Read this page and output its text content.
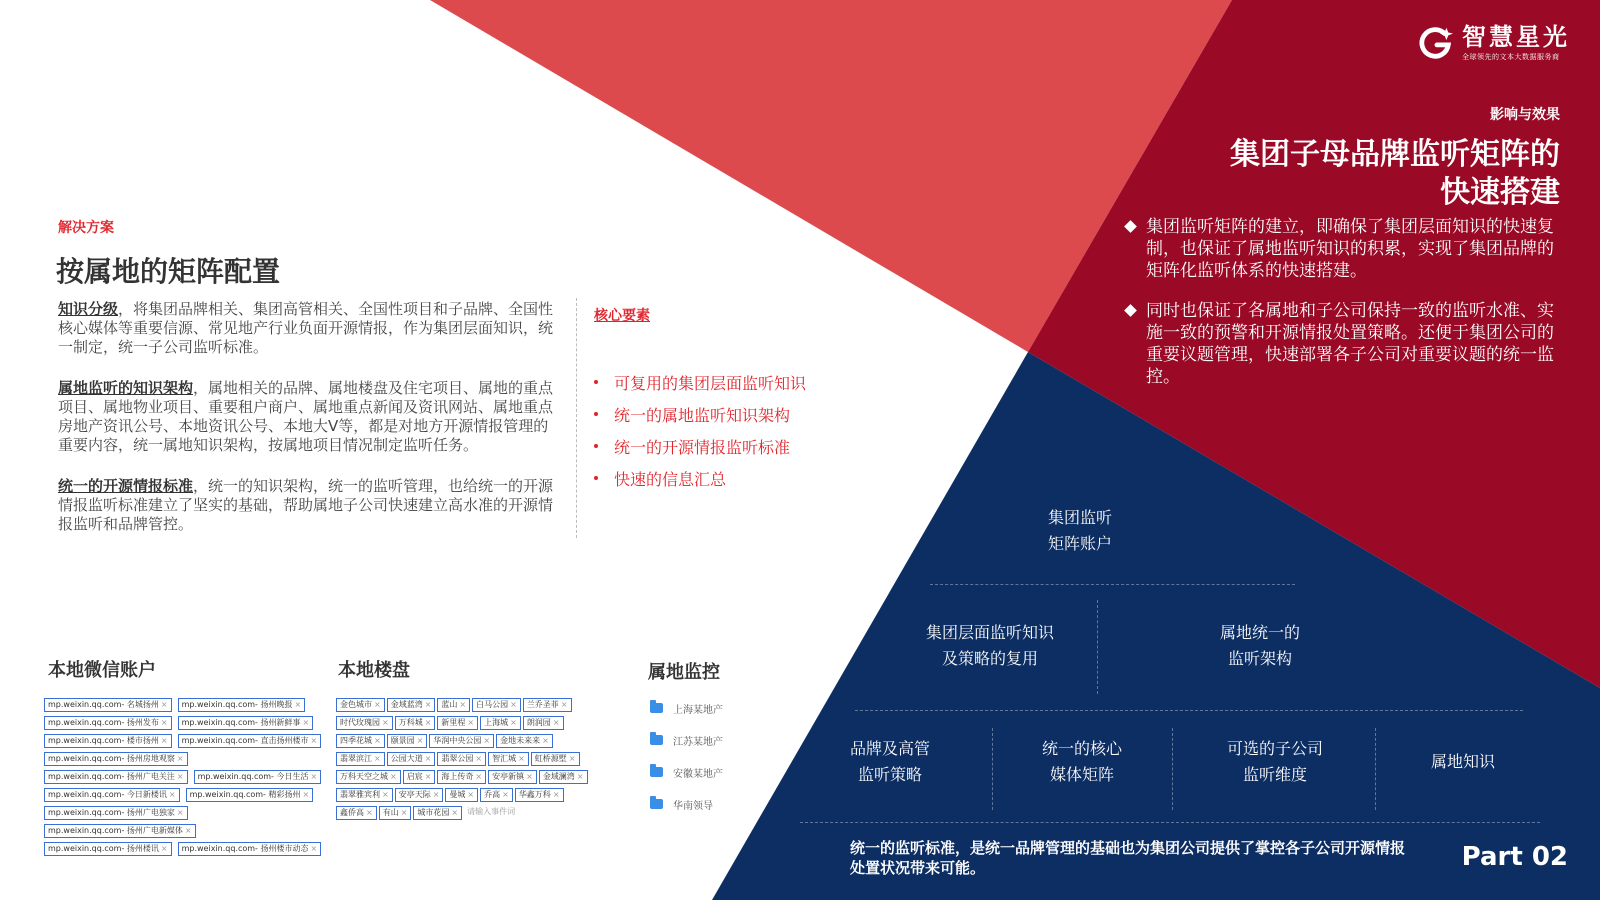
智慧星光
全球领先的文本大数据服务商
影响与效果
集团子母品牌监听矩阵的
快速搭建
集团监听矩阵的建立，即确保了集团层面知识的快速复制，也保证了属地监听知识的积累，实现了集团品牌的矩阵化监听体系的快速搭建。
同时也保证了各属地和子公司保持一致的监听水准、实施一致的预警和开源情报处置策略。还便于集团公司的重要议题管理，快速部署各子公司对重要议题的统一监控。
解决方案
按属地的矩阵配置

知识分级，将集团品牌相关、集团高管相关、全国性项目和子品牌、全国性核心媒体等重要信源、常见地产行业负面开源情报，作为集团层面知识，统一制定，统一子公司监听标准。

属地监听的知识架构，属地相关的品牌、属地楼盘及住宅项目、属地的重点项目、属地物业项目、重要租户商户、属地重点新闻及资讯网站、属地重点房地产资讯公号、本地资讯公号、本地大V等，都是对地方开源情报管理的重要内容，统一属地知识架构，按属地项目情况制定监听任务。

统一的开源情报标准，统一的知识架构，统一的监听管理，也给统一的开源情报监听标准建立了坚实的基础，帮助属地子公司快速建立高水准的开源情报监听和品牌管控。

核心要素
可复用的集团层面监听知识
统一的属地监听知识架构
统一的开源情报监听标准
快速的信息汇总
本地微信账户
mp.weixin.qq.com- 名城扬州 ×	mp.weixin.qq.com- 扬州晚报 ×
mp.weixin.qq.com- 扬州发布 ×	mp.weixin.qq.com- 扬州新鲜事 ×
mp.weixin.qq.com- 楼市扬州 ×	mp.weixin.qq.com- 直击扬州楼市 ×
mp.weixin.qq.com- 扬州房地观察 ×
mp.weixin.qq.com- 扬州广电关注 ×	mp.weixin.qq.com- 今日生活 ×
mp.weixin.qq.com- 今日新楼讯 ×	mp.weixin.qq.com- 精彩扬州 ×
mp.weixin.qq.com- 扬州广电独家 ×
mp.weixin.qq.com- 扬州广电新媒体 ×
mp.weixin.qq.com- 扬州楼讯 ×	mp.weixin.qq.com- 扬州楼市动态 ×
本地楼盘
金色城市 ×	金域蓝湾 ×	蓝山 ×	白马公园 ×	兰乔圣菲 ×
时代玫瑰园 ×	万科城 ×	新里程 ×	上海城 ×	朗润园 ×
四季花城 ×	颐景园 ×	华润中央公园 ×	金地未来来 ×
翡翠滨江 ×	公园大道 ×	翡翠公园 ×	智汇城 ×	虹桥源墅 ×
万科天空之城 ×	启宸 ×	海上传奇 ×	安亭新镇 ×	金域澜湾 ×
翡翠雅宾利 ×	安亭天际 ×	曼城 ×	乔高 ×	华鑫万科 ×
鑫侨高 ×	有山 ×	城市花园 ×	请输入事件词
属地监控
上海某地产
江苏某地产
安徽某地产
华南领导
集团监听
矩阵账户
集团层面监听知识
及策略的复用
属地统一的
监听架构
品牌及高管
监听策略
统一的核心
媒体矩阵
可选的子公司
监听维度
属地知识
统一的监听标准，是统一品牌管理的基础也为集团公司提供了掌控各子公司开源情报处置状况带来可能。	Part 02
